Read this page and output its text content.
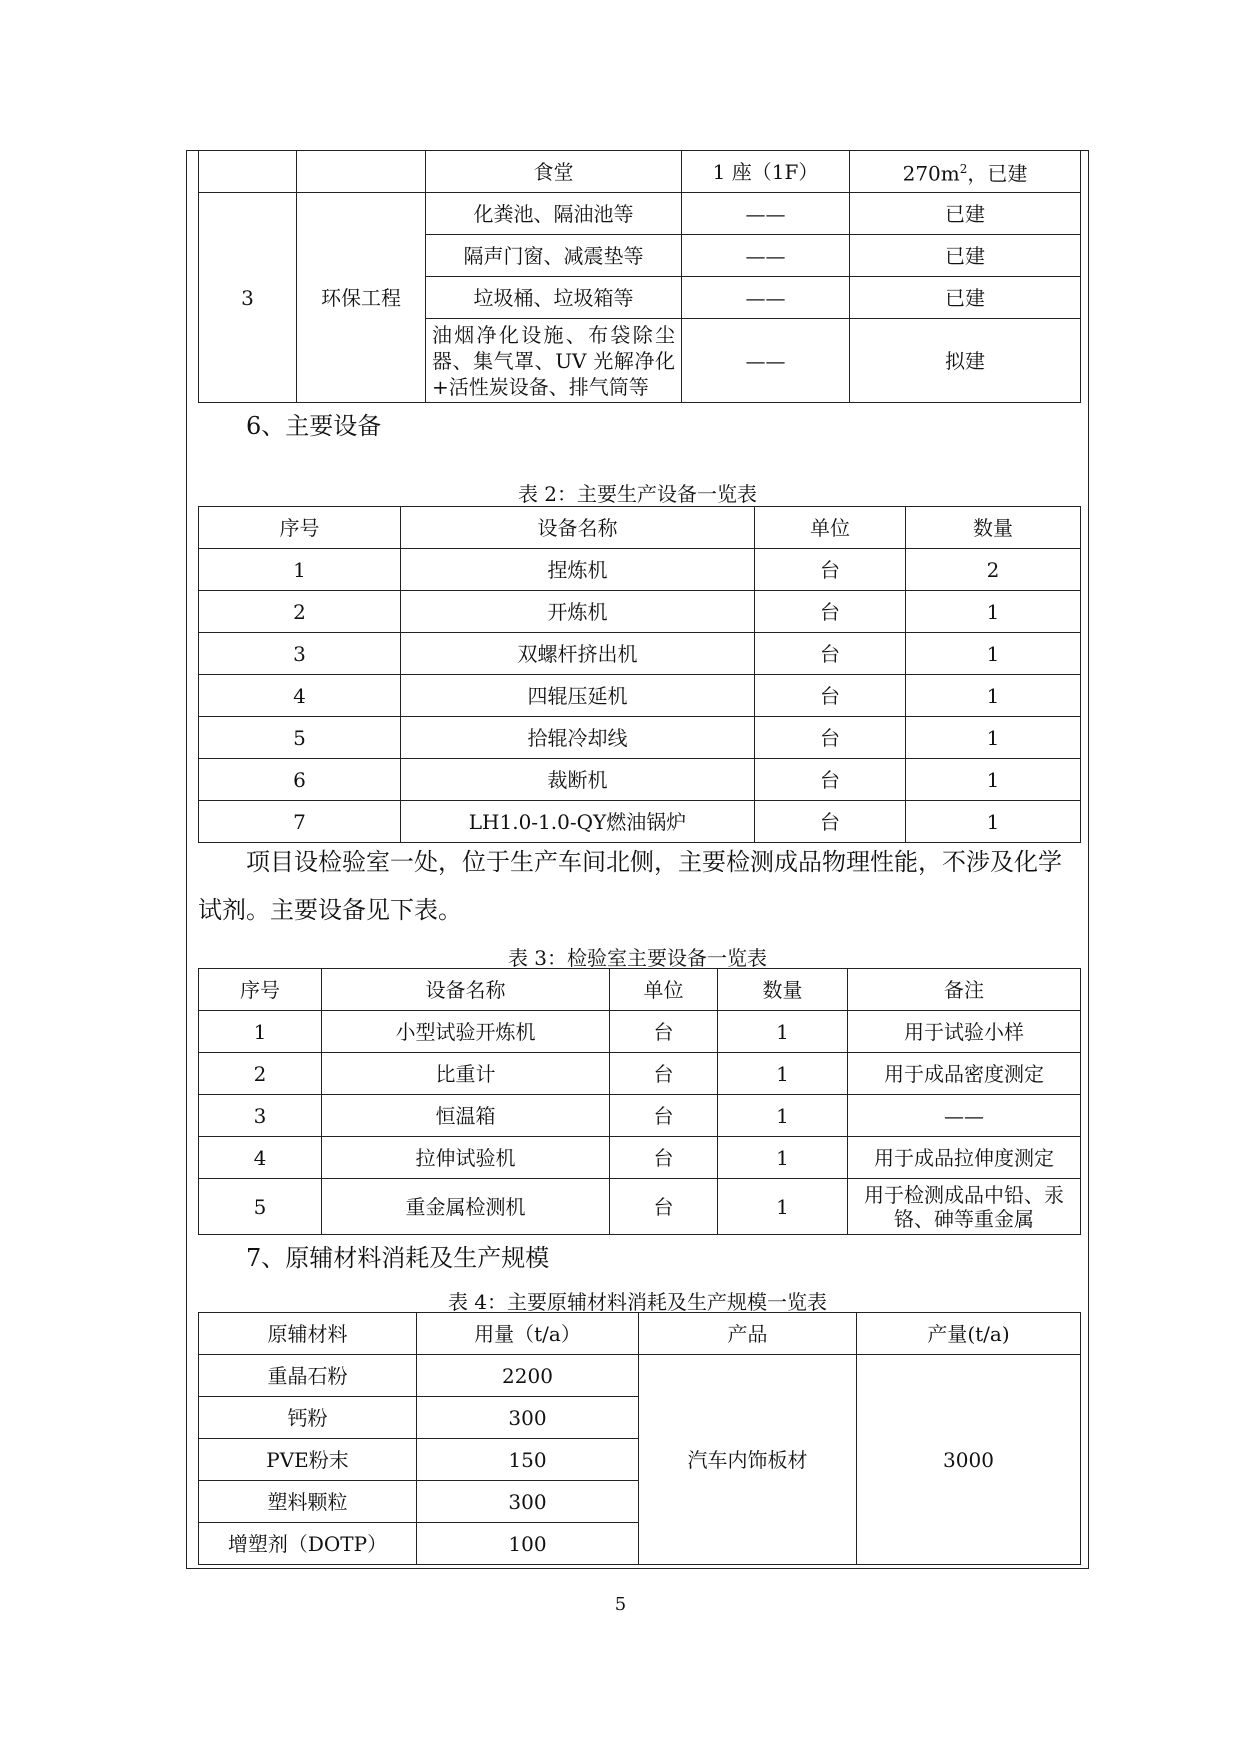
		食堂	1 座（1F）	$270m^2$，已建
3	环保工程	化粪池、隔油池等	——	已建
		隔声门窗、减震垫等	——	已建
		垃圾桶、垃圾箱等	——	已建
		油烟净化设施、布袋除尘器、集气罩、UV 光解净化+活性炭设备、排气筒等	——	拟建
6、主要设备
表 2：主要生产设备一览表
序号	设备名称	单位	数量
1	捏炼机	台	2
2	开炼机	台	1
3	双螺杆挤出机	台	1
4	四辊压延机	台	1
5	拾辊冷却线	台	1
6	裁断机	台	1
7	LH1.0-1.0-QY燃油锅炉	台	1
项目设检验室一处，位于生产车间北侧，主要检测成品物理性能，不涉及化学试剂。主要设备见下表。
表 3：检验室主要设备一览表
序号	设备名称	单位	数量	备注
1	小型试验开炼机	台	1	用于试验小样
2	比重计	台	1	用于成品密度测定
3	恒温箱	台	1	——
4	拉伸试验机	台	1	用于成品拉伸度测定
5	重金属检测机	台	1	用于检测成品中铅、汞铬、砷等重金属
7、原辅材料消耗及生产规模
表 4：主要原辅材料消耗及生产规模一览表
原辅材料	用量（t/a）	产品	产量(t/a)
重晶石粉	2200	汽车内饰板材	3000
钙粉	300		
PVE粉末	150		
塑料颗粒	300		
增塑剂（DOTP）	100		
5
